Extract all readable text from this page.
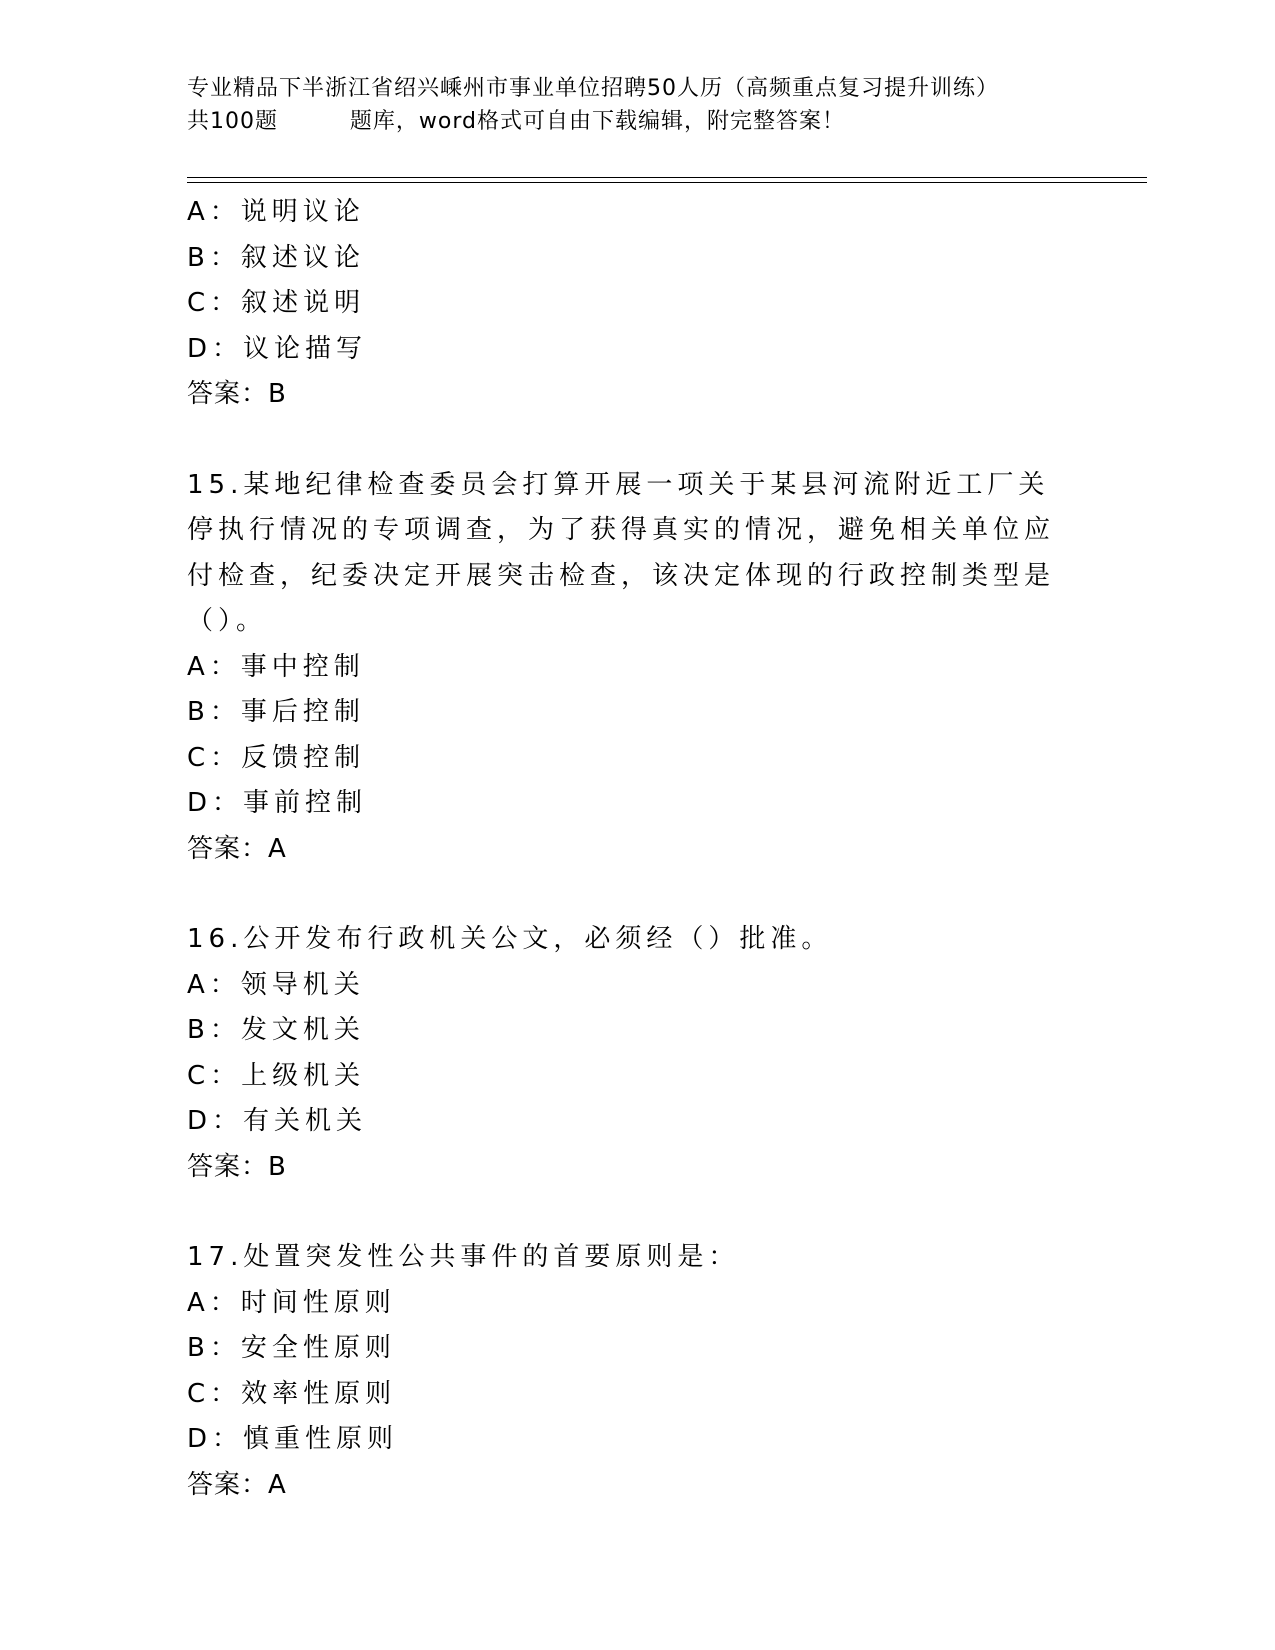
专业精品下半浙江省绍兴嵊州市事业单位招聘50人历（高频重点复习提升训练）

共100题         题库，word格式可自由下载编辑，附完整答案！
A：说明议论
B：叙述议论
C：叙述说明
D：议论描写
答案：B
15.某地纪律检查委员会打算开展一项关于某县河流附近工厂关停执行情况的专项调查，为了获得真实的情况，避免相关单位应付检查，纪委决定开展突击检查，该决定体现的行政控制类型是（）。
A：事中控制
B：事后控制
C：反馈控制
D：事前控制
答案：A
16.公开发布行政机关公文，必须经（）批准。
A：领导机关
B：发文机关
C：上级机关
D：有关机关
答案：B
17.处置突发性公共事件的首要原则是：
A：时间性原则
B：安全性原则
C：效率性原则
D：慎重性原则
答案：A
